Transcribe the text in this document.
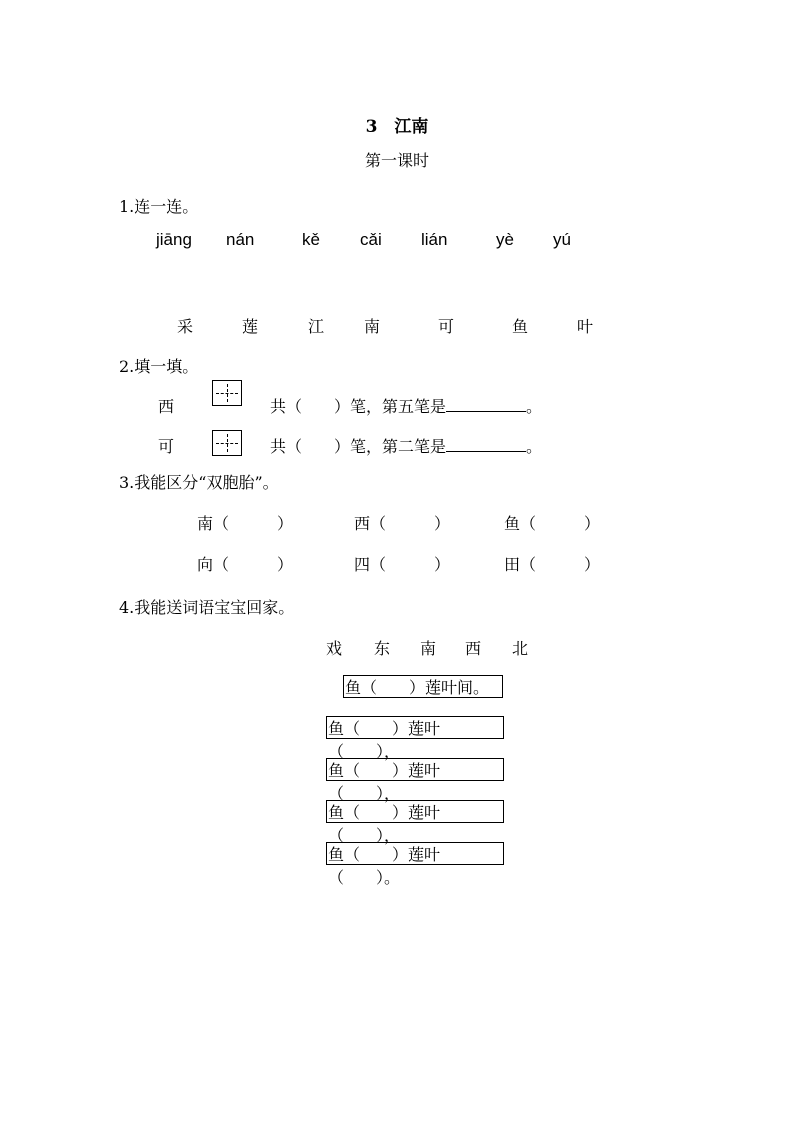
3　江南
第一课时
1.连一连。
jiāng nán	kě cǎi lián	yè yú
采	莲	江 南	可	鱼	叶
2.填一填。
西	共（　　）笔，第五笔是	。
可	共（　　）笔，第二笔是	。
3.我能区分“双胞胎”。
南（　　　）	西（　　　）	鱼（　　　）
向（　　　）	四（　　　）	田（　　　）
4.我能送词语宝宝回家。
戏 东 南 西 北
鱼（　　）莲叶间。
鱼（　　）莲叶（　　），
鱼（　　）莲叶（　　），
鱼（　　）莲叶（　　），
鱼（　　）莲叶（　　）。
